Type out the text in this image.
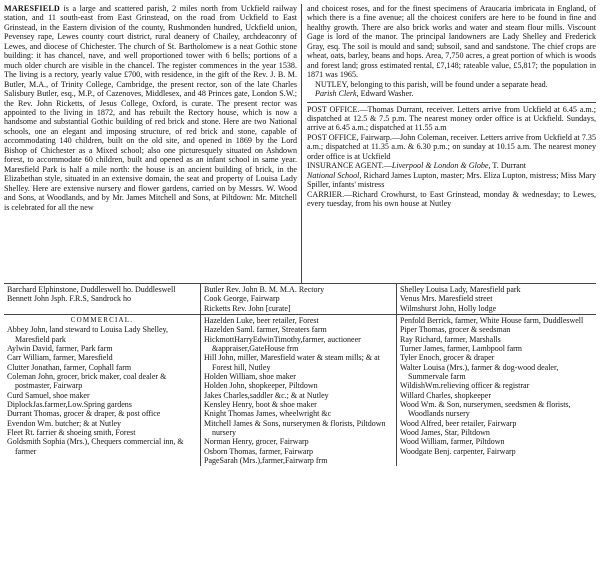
MARESFIELD is a large and scattered parish, 2 miles north from Uckfield railway station, and 11 south-east from East Grinstead, on the road from Uckfield to East Grinstead, in the Eastern division of the county, Rushmonden hundred, Uckfield union, Pevensey rape, Lewes county court district, rural deanery of Chailey, archdeaconry of Lewes, and diocese of Chichester. The church of St. Bartholomew is a neat Gothic stone building: it has chancel, nave, and well proportioned tower with 6 bells; portions of a much older church are visible in the chancel. The register commences in the year 1538. The living is a rectory, yearly value £700, with residence, in the gift of the Rev. J. B. M. Butler, M.A., of Trinity College, Cambridge, the present rector, son of the late Charles Salisbury Butler, esq., M.P., of Cazenoves, Middlesex, and 48 Princes gate, London S.W.; the Rev. John Ricketts, of Jesus College, Oxford, is curate. The present rector was appointed to the living in 1872, and has rebuilt the Rectory house, which is now a handsome and substantial Gothic building of red brick and stone. Here are two National schools, one an elegant and imposing structure, of red brick and stone, capable of accommodating 140 children, built on the old site, and opened in 1869 by the Lord Bishop of Chichester as a Mixed school; also one picturesquely situated on Ashdown forest, to accommodate 60 children, built and opened as an infant school in same year. Maresfield Park is half a mile north: the house is an ancient building of brick, in the Elizabethan style, situated in an extensive domain, the seat and property of Louisa Lady Shelley. Here are extensive nursery and flower gardens, carried on by Messrs. W. Wood and Sons, at Woodlands, and by Mr. James Mitchell and Sons, at Piltdown: Mr. Mitchell is celebrated for all the new

and choicest roses, and for the finest specimens of Araucaria imbricata in England, of which there is a fine avenue; all the choicest conifers are here to be found in fine and healthy growth. There are also brick works and water and steam flour mills. Viscount Gage is lord of the manor. The principal landowners are Lady Shelley and Frederick Gray, esq. The soil is mould and sand; subsoil, sand and sandstone. The chief crops are wheat, oats, barley, beans and hops. Area, 7,750 acres, a great portion of which is woods and forest land; gross estimated rental, £7,148; rateable value, £5,817; the population in 1871 was 1965.

NUTLEY, belonging to this parish, will be found under a separate head.

Parish Clerk, Edward Washer.

POST OFFICE.—Thomas Durrant, receiver. Letters arrive from Uckfield at 6.45 a.m.; dispatched at 12.5 & 7.5 p.m. The nearest money order office is at Uckfield. Sundays, arrive at 6.45 a.m.; dispatched at 11.55 a.m

POST OFFICE, Fairwarp.—John Coleman, receiver. Letters arrive from Uckfield at 7.35 a.m.; dispatched at 11.35 a.m. & 6.30 p.m.; on sunday at 10.15 a.m. The nearest money order office is at Uckfield

INSURANCE AGENT.—Liverpool & London & Globe, T. Durrant

National School, Richard James Lupton, master; Mrs. Eliza Lupton, mistress; Miss Mary Spiller, infants' mistress

CARRIER.—Richard Crowhurst, to East Grinstead, monday & wednesday; to Lewes, every tuesday, from his own house at Nutley

Barchard Elphinstone, Duddleswell ho. Duddleswell

Bennett John Jsph. F.R.S, Sandrock ho

Butler Rev. John B. M. M.A. Rectory

Cook George, Fairwarp

Ricketts Rev. John [curate]

Shelley Louisa Lady, Maresfield park

Venus Mrs. Maresfield street

Wilmshurst John, Holly lodge

COMMERCIAL.

Abbey John, land steward to Louisa Lady Shelley, Maresfield park

Aylwin David, farmer, Park farm

Carr William, farmer, Maresfield

Clutter Jonathan, farmer, Cophall farm

Coleman John, grocer, brick maker, coal dealer & postmaster, Fairwarp

Curd Samuel, shoe maker

DiplockJas.farmer,Low.Spring gardens

Durrant Thomas, grocer & draper, & post office

Evendon Wm. butcher; & at Nutley

Fleet Rt. farrier & shoeing smith, Forest

Goldsmith Sophia (Mrs.), Chequers commercial inn, & farmer

Hazelden Luke, beer retailer, Forest

Hazelden Saml. farmer, Streaters farm

HickmottHarryEdwinTimothy,farmer, auctioneer &appraiser,GateHouse frm

Hill John, miller, Maresfield water & steam mills; & at Forest hill, Nutley

Holden William, shoe maker

Holden John, shopkeeper, Piltdown

Jakes Charles,saddler &c.; & at Nutley

Kensley Henry, boot & shoe maker

Knight Thomas James, wheelwright &c

Mitchell James & Sons, nurserymen & florists, Piltdown nursery

Norman Henry, grocer, Fairwarp

Osborn Thomas, farmer, Fairwarp

PageSarah (Mrs.),farmer,Fairwarp frm

Penfold Berrick, farmer, White House farm, Duddleswell

Piper Thomas, grocer & seedsman

Ray Richard, farmer, Marshalls

Turner James, farmer, Lambpool farm

Tyler Enoch, grocer & draper

Walter Louisa (Mrs.), farmer & dog-wood dealer, Summervale farm

WildishWm.relieving officer & registrar

Willard Charles, shopkeeper

Wood Wm. & Son, nurserymen, seedsmen & florists, Woodlands nursery

Wood Alfred, beer retailer, Fairwarp

Wood James, Star, Piltdown

Wood William, farmer, Piltdown

Woodgate Benj. carpenter, Fairwarp
